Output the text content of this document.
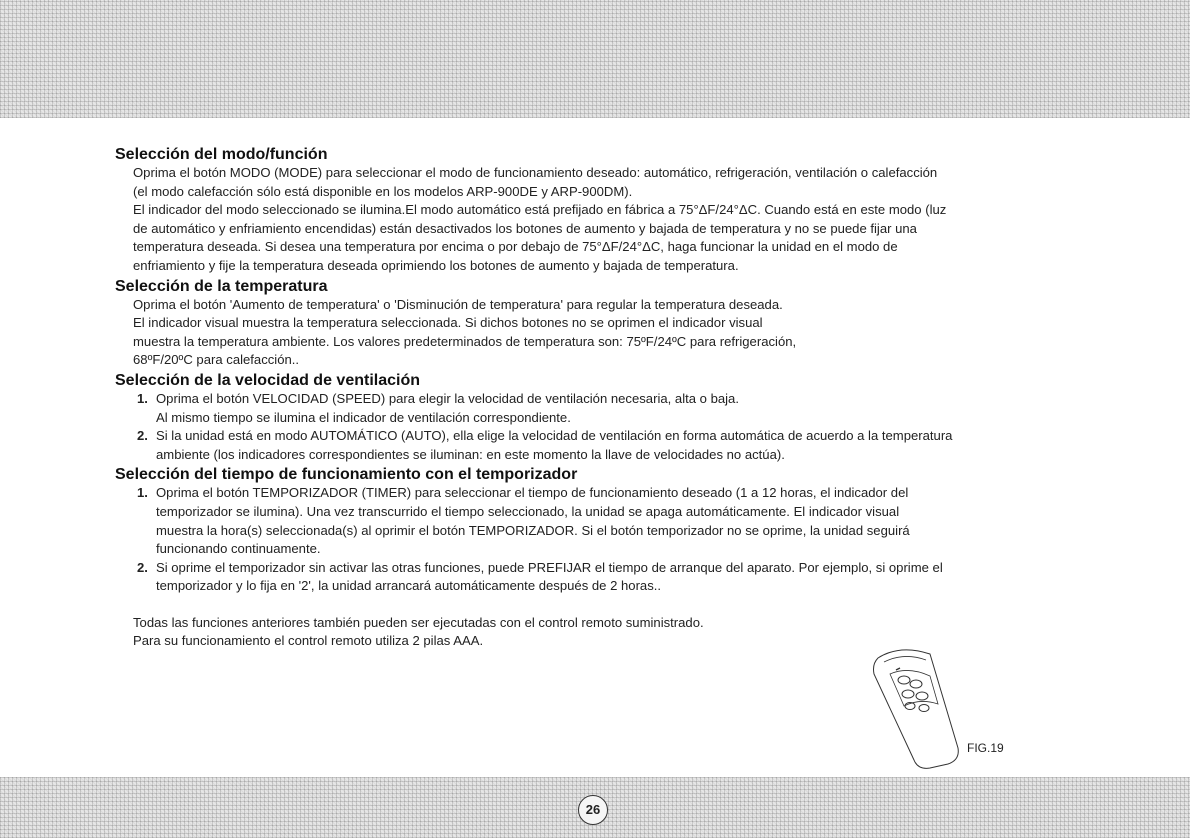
Selección del modo/función
Oprima el botón MODO (MODE) para seleccionar el modo de funcionamiento deseado: automático, refrigeración, ventilación o calefacción
(el modo calefacción sólo está disponible en los modelos ARP-900DE y ARP-900DM).
El indicador del modo seleccionado se ilumina.El modo automático está prefijado en fábrica a 75°ΔF/24°ΔC. Cuando está en este modo (luz
de automático y enfriamiento encendidas) están desactivados los botones de aumento y bajada de temperatura y no se puede fijar una
temperatura deseada. Si desea una temperatura por encima o por debajo de 75°ΔF/24°ΔC, haga funcionar la unidad en el modo de
enfriamiento y fije la temperatura deseada oprimiendo los botones de aumento y bajada de temperatura.
Selección de la temperatura
Oprima el botón 'Aumento de temperatura' o 'Disminución de temperatura' para regular la temperatura deseada.
El indicador visual muestra la temperatura seleccionada. Si dichos botones no se oprimen el indicador visual
muestra la temperatura ambiente. Los valores predeterminados de temperatura son: 75ºF/24ºC para refrigeración,
68ºF/20ºC para calefacción..
Selección de la velocidad de ventilación
1. Oprima el botón VELOCIDAD (SPEED) para elegir la velocidad de ventilación necesaria, alta o baja.
Al mismo tiempo se ilumina el indicador de ventilación correspondiente.
2. Si la unidad está en modo AUTOMÁTICO (AUTO), ella elige la velocidad de ventilación en forma automática de acuerdo a la temperatura
ambiente (los indicadores correspondientes se iluminan: en este momento la llave de velocidades no actúa).
Selección del tiempo de funcionamiento con el temporizador
1. Oprima el botón TEMPORIZADOR (TIMER) para seleccionar el tiempo de funcionamiento deseado (1 a 12 horas, el indicador del
temporizador se ilumina). Una vez transcurrido el tiempo seleccionado, la unidad se apaga automáticamente. El indicador visual
muestra la hora(s) seleccionada(s) al oprimir el botón TEMPORIZADOR. Si el botón temporizador no se oprime, la unidad seguirá
funcionando continuamente.
2. Si oprime el temporizador sin activar las otras funciones, puede PREFIJAR el tiempo de arranque del aparato. Por ejemplo, si oprime el
temporizador y lo fija en '2', la unidad arrancará automáticamente después de 2 horas..
Todas las funciones anteriores también pueden ser ejecutadas con el control remoto suministrado.
Para su funcionamiento el control remoto utiliza 2 pilas AAA.
FIG.19
26
